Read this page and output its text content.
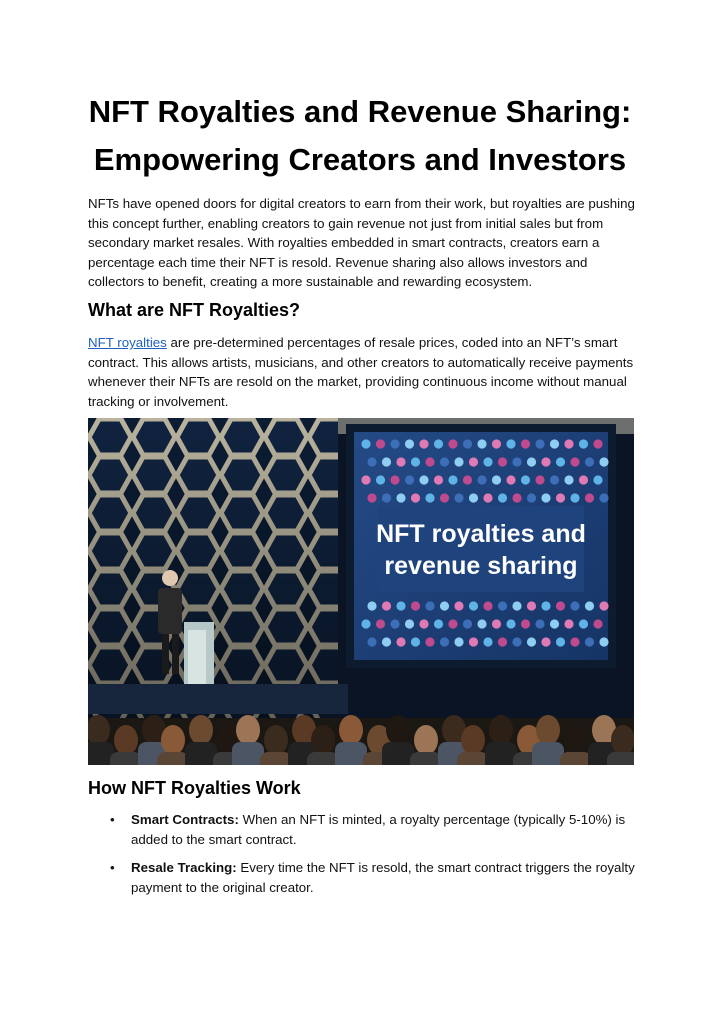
NFT Royalties and Revenue Sharing: Empowering Creators and Investors

NFTs have opened doors for digital creators to earn from their work, but royalties are pushing this concept further, enabling creators to gain revenue not just from initial sales but from secondary market resales. With royalties embedded in smart contracts, creators earn a percentage each time their NFT is resold. Revenue sharing also allows investors and collectors to benefit, creating a more sustainable and rewarding ecosystem.

What are NFT Royalties?

NFT royalties are pre-determined percentages of resale prices, coded into an NFT’s smart contract. This allows artists, musicians, and other creators to automatically receive payments whenever their NFTs are resold on the market, providing continuous income without manual tracking or involvement.

NFT royalties and
revenue sharing
How NFT Royalties Work
• Smart Contracts: When an NFT is minted, a royalty percentage (typically 5-10%) is added to the smart contract.
• Resale Tracking: Every time the NFT is resold, the smart contract triggers the royalty payment to the original creator.
